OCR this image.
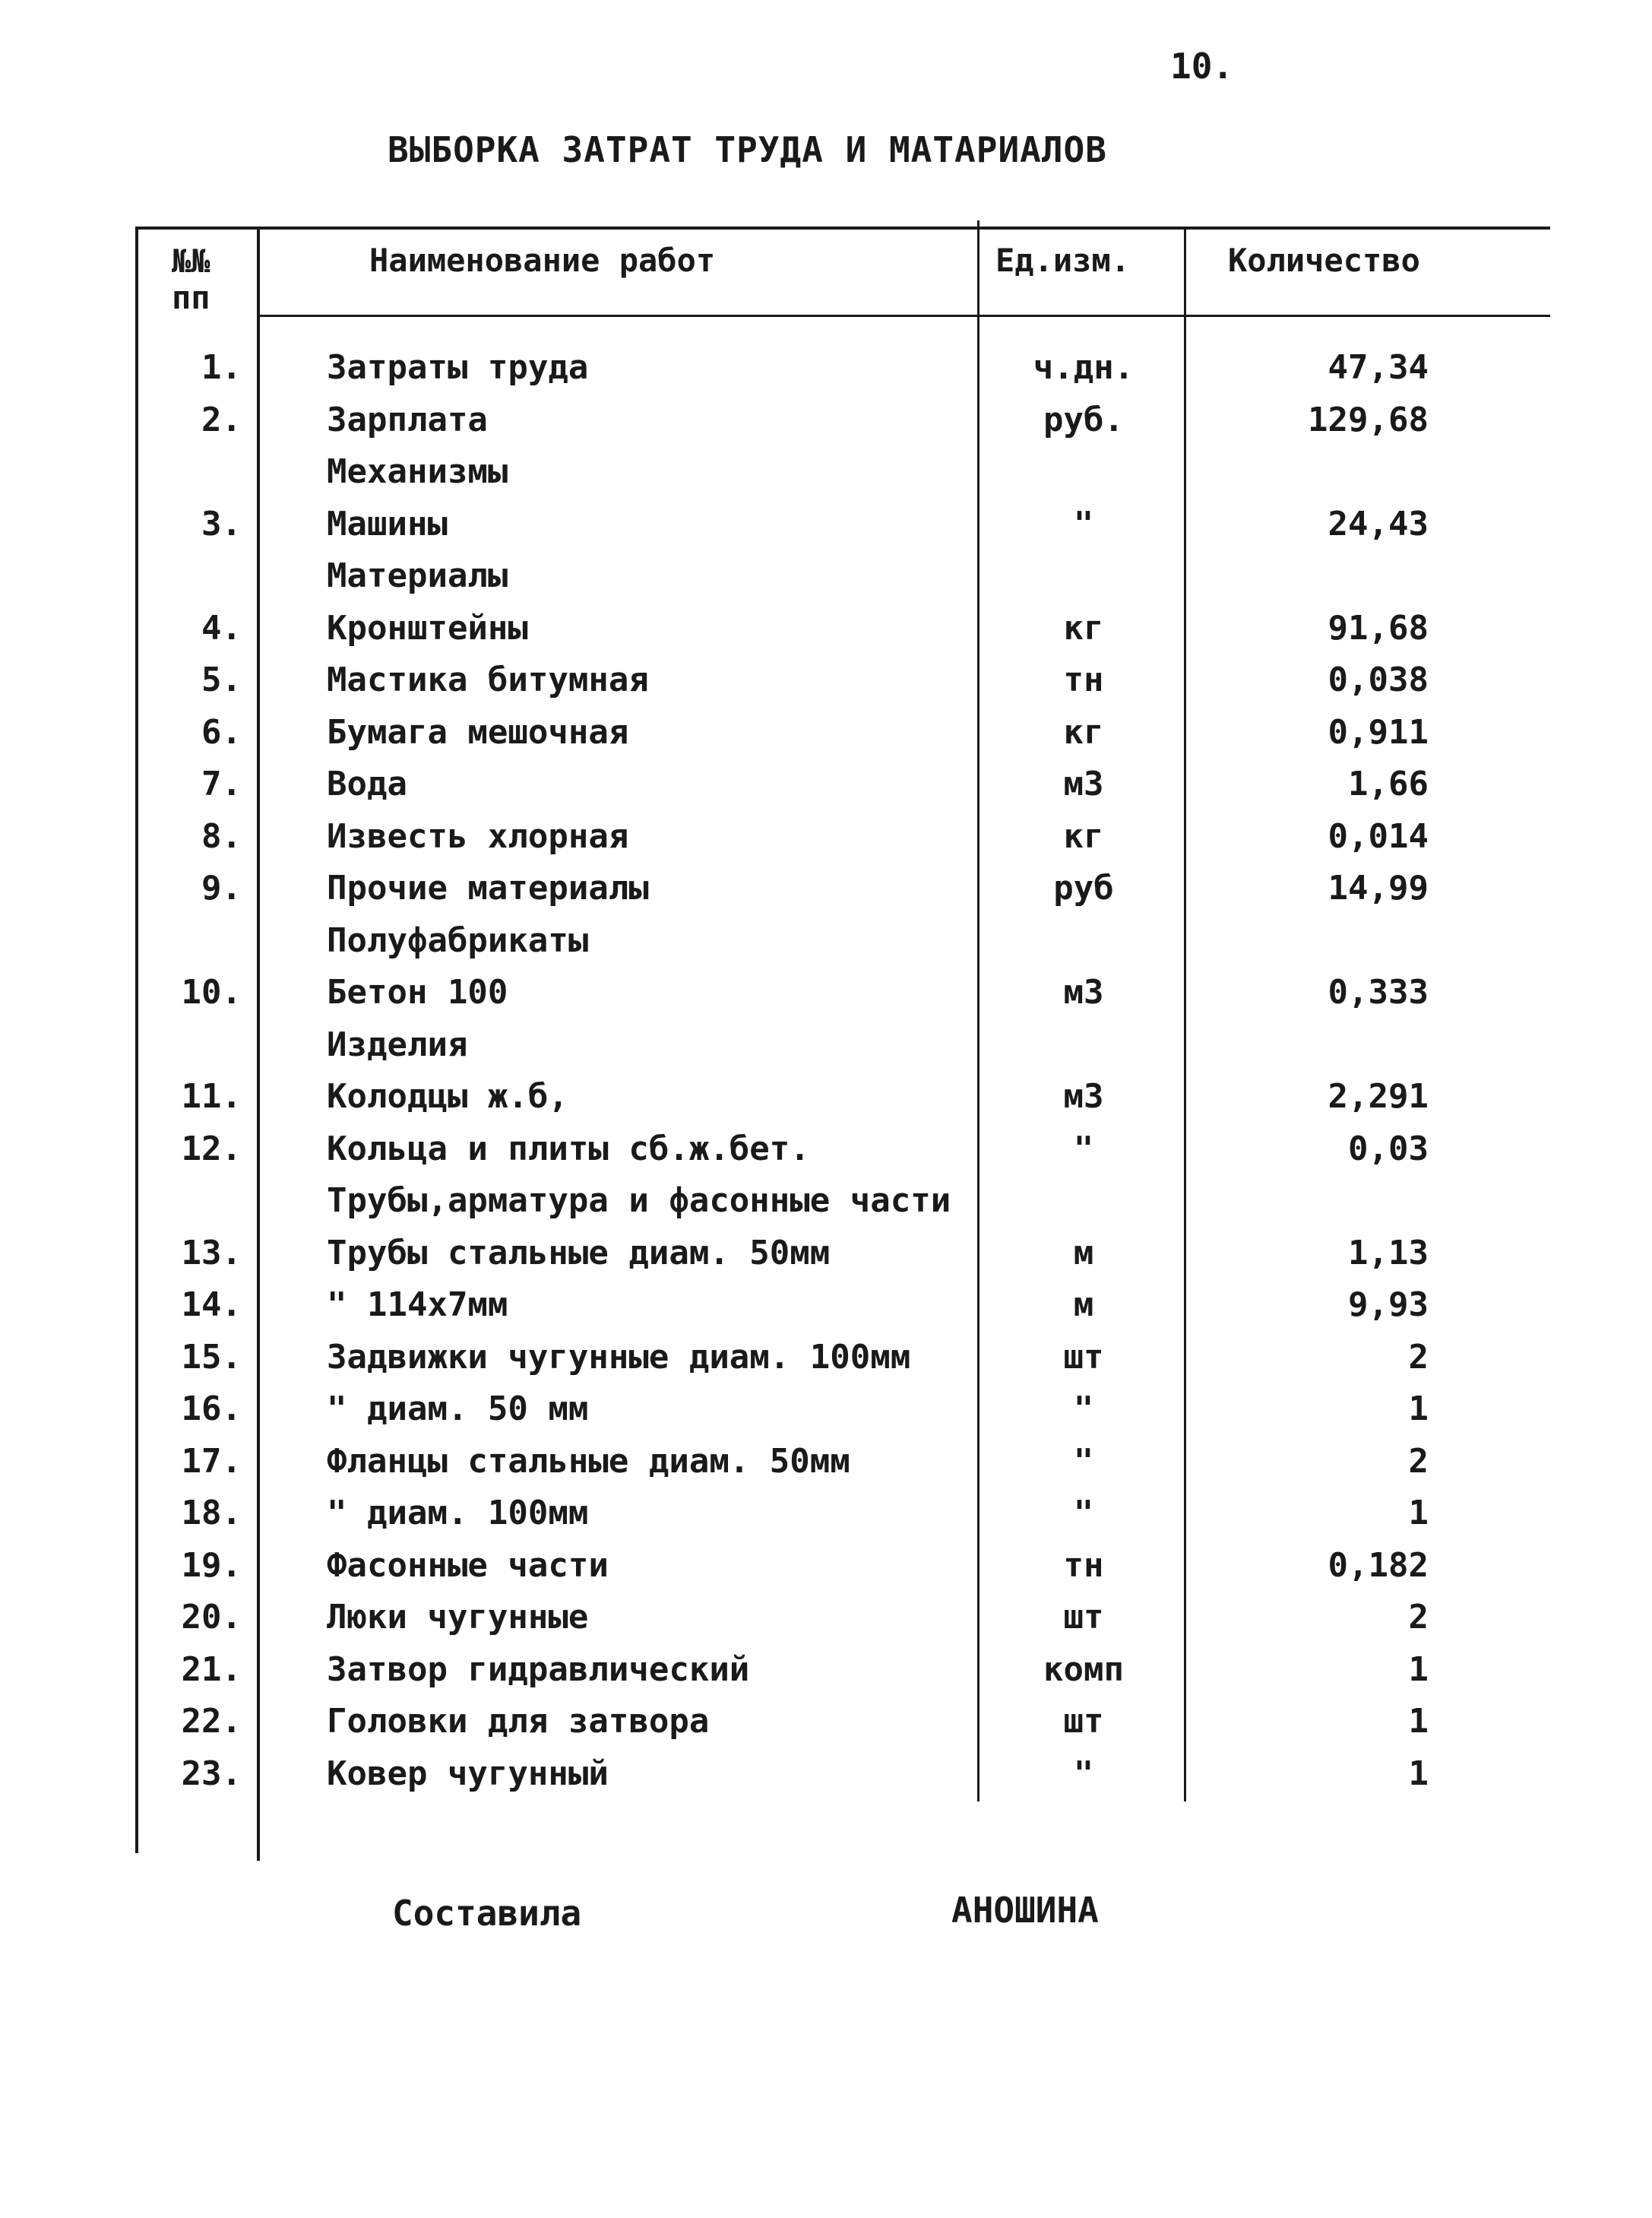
10.
ВЫБОРКА ЗАТРАТ ТРУДА И МАТАРИАЛОВ
№№
пп
Наименование работ	Ед.изм.	Количество
1.	Затраты труда	ч.дн.	47,34
2.	Зарплата	руб.	129,68
Механизмы
3.	Машины	"	24,43
Материалы
4.	Кронштейны	кг	91,68
5.	Мастика битумная	тн	0,038
6.	Бумага мешочная	кг	0,911
7.	Вода	м3	1,66
8.	Известь хлорная	кг	0,014
9.	Прочие материалы	руб	14,99
Полуфабрикаты
10.	Бетон 100	м3	0,333
Изделия
11.	Колодцы ж.б,	м3	2,291
12.	Кольца и плиты сб.ж.бет.	"	0,03
Трубы,арматура и фасонные части
13.	Трубы стальные диам. 50мм	м	1,13
14.	" 114х7мм	м	9,93
15.	Задвижки чугунные диам. 100мм	шт	2
16.	" диам. 50 мм	"	1
17.	Фланцы стальные диам. 50мм	"	2
18.	" диам. 100мм	"	1
19.	Фасонные части	тн	0,182
20.	Люки чугунные	шт	2
21.	Затвор гидравлический	комп	1
22.	Головки для затвора	шт	1
23.	Ковер чугунный	"	1
Составила	АНОШИНА
